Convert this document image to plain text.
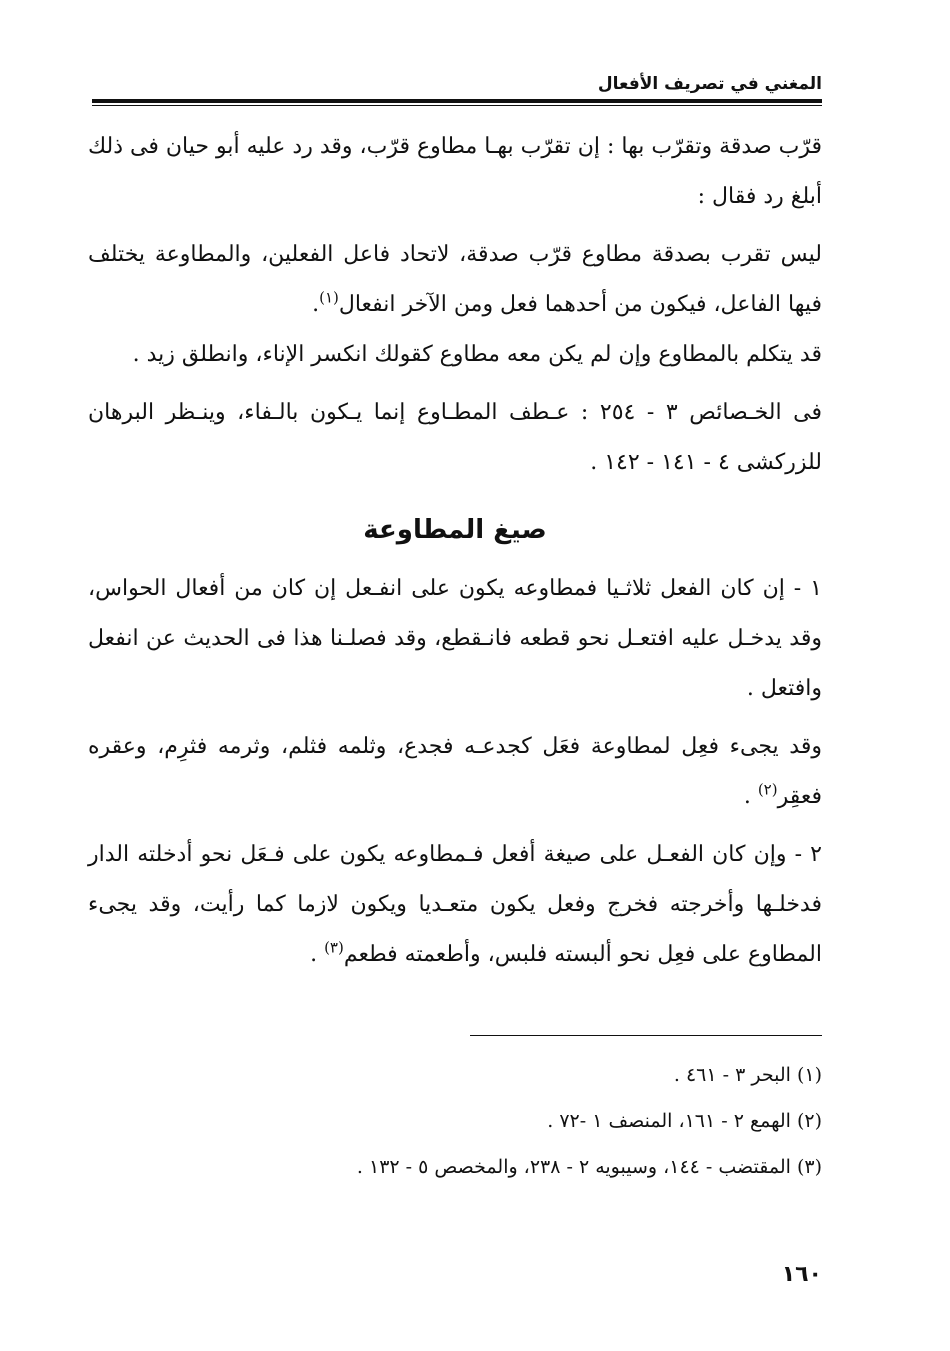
المغني في تصريف الأفعال

قرّب صدقة وتقرّب بها : إن تقرّب بهـا مطاوع قرّب، وقد رد عليه أبو حيان فى ذلك أبلغ رد فقال :

ليس تقرب بصدقة مطاوع قرّب صدقة، لاتحاد فاعل الفعلين، والمطاوعة يختلف فيها الفاعل، فيكون من أحدهما فعل ومن الآخر انفعال$^{(١)}$.

قد يتكلم بالمطاوع وإن لم يكن معه مطاوع كقولك انكسر الإناء، وانطلق زيد .

فى الخـصائص ٣ - ٢٥٤ : عـطف المطـاوع إنما يـكون بالـفاء، وينـظر البرهان للزركشى ٤ - ١٤١ - ١٤٢ .

صيغ المطاوعة

١ - إن كان الفعل ثلاثـيا فمطاوعه يكون على انفـعل إن كان من أفعال الحواس، وقد يدخـل عليه افتعـل نحو قطعه فانـقطع، وقد فصلـنا هذا فى الحديث عن انفعل وافتعل .

وقد يجىء فعِل لمطاوعة فعَل كجدعـه فجدع، وثلمه فثلم، وثرمه فثرِم، وعقره فعقِر$^{(٢)}$ .

٢ - وإن كان الفعـل على صيغة أفعل فـمطاوعه يكون على فـعَل نحو أدخلته الدار فدخلـها وأخرجته فخرج وفعل يكون متعـديا ويكون لازما كما رأيت، وقد يجىء المطاوع على فعِل نحو ألبسته فلبس، وأطعمته فطعم$^{(٣)}$ .

(١) البحر ٣ - ٤٦١ .

(٢) الهمع ٢ - ١٦١، المنصف ١ -٧٢ .

(٣) المقتضب - ١٤٤، وسيبويه ٢ - ٢٣٨، والمخصص ٥ - ١٣٢ .

١٦٠
